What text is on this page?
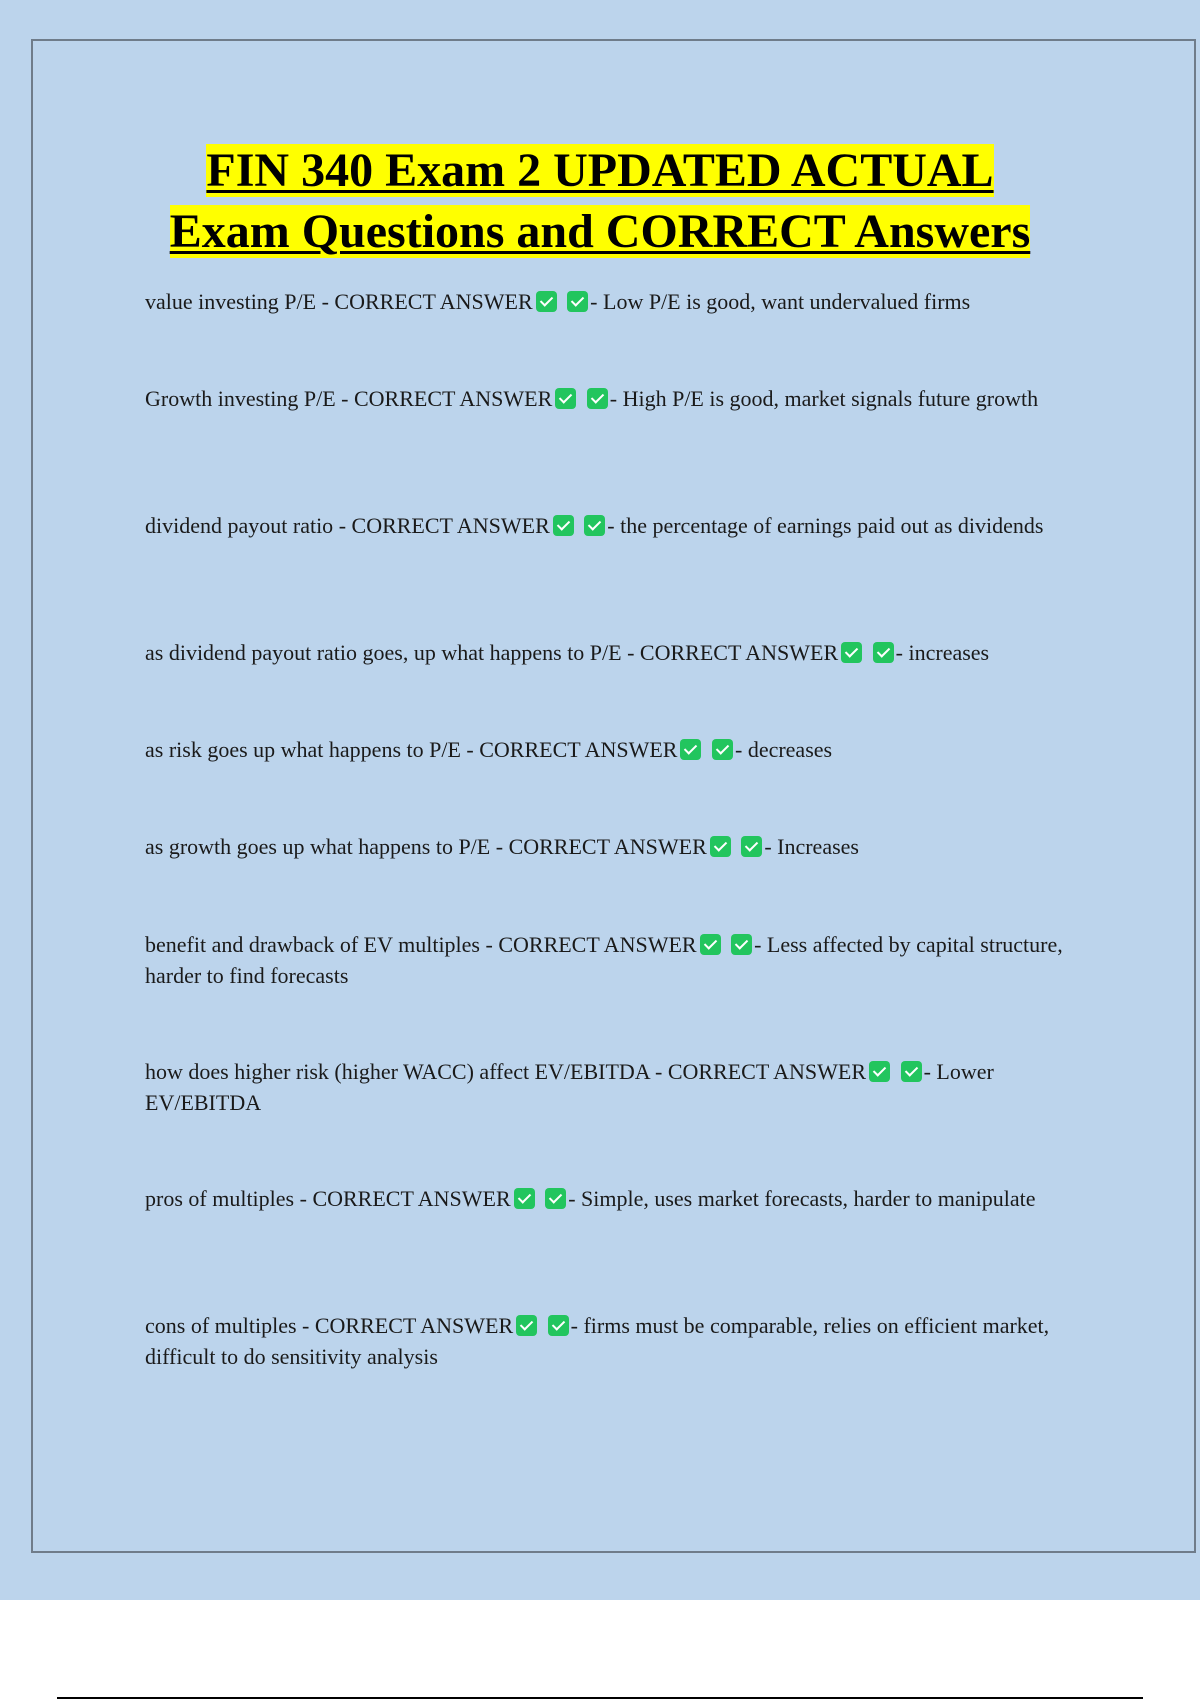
FIN 340 Exam 2 UPDATED ACTUAL
Exam Questions and CORRECT Answers
value investing P/E - CORRECT ANSWER	- Low P/E is good, want undervalued firms
Growth investing P/E - CORRECT ANSWER	- High P/E is good, market signals future growth
dividend payout ratio - CORRECT ANSWER	- the percentage of earnings paid out as dividends
as dividend payout ratio goes, up what happens to P/E - CORRECT ANSWER	- increases
as risk goes up what happens to P/E - CORRECT ANSWER	- decreases
as growth goes up what happens to P/E - CORRECT ANSWER	- Increases
benefit and drawback of EV multiples - CORRECT ANSWER	- Less affected by capital structure, harder to find forecasts
how does higher risk (higher WACC) affect EV/EBITDA - CORRECT ANSWER	- Lower EV/EBITDA
pros of multiples - CORRECT ANSWER	- Simple, uses market forecasts, harder to manipulate
cons of multiples - CORRECT ANSWER	- firms must be comparable, relies on efficient market, difficult to do sensitivity analysis
